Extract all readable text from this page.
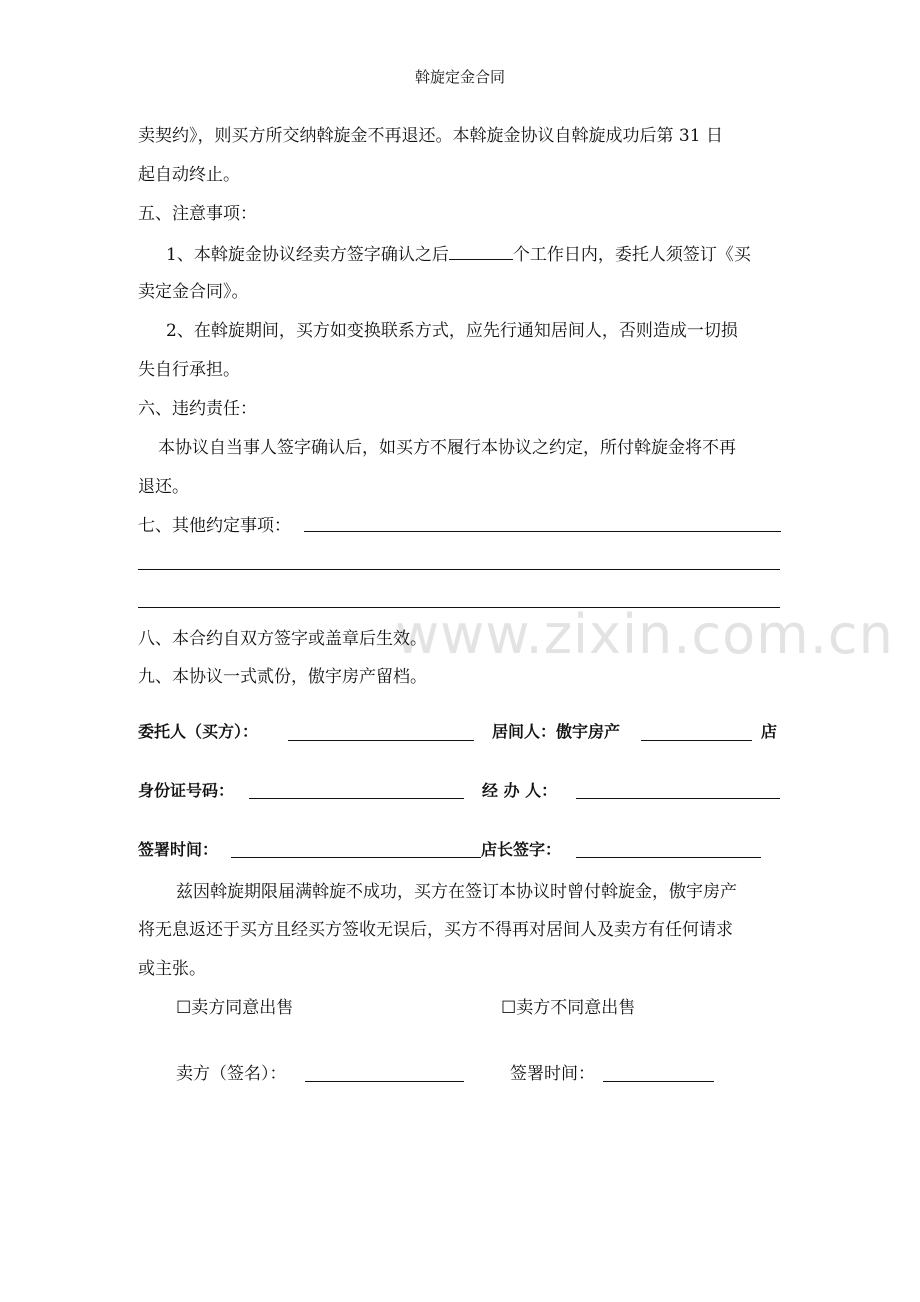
www.zixin.com.cn
斡旋定金合同
卖契约》，则买方所交纳斡旋金不再退还。本斡旋金协议自斡旋成功后第 31 日
起自动终止。
五、注意事项：
1、本斡旋金协议经卖方签字确认之后	个工作日内，委托人须签订《买
卖定金合同》。
2、在斡旋期间，买方如变换联系方式，应先行通知居间人，否则造成一切损
失自行承担。
六、违约责任：
本协议自当事人签字确认后，如买方不履行本协议之约定，所付斡旋金将不再
退还。
七、其他约定事项：
八、本合约自双方签字或盖章后生效。
九、本协议一式贰份，傲宇房产留档。
委托人（买方）：	居间人：傲宇房产	店
身份证号码：	经 办 人：
签署时间：	店长签字：
兹因斡旋期限届满斡旋不成功，买方在签订本协议时曾付斡旋金，傲宇房产
将无息返还于买方且经买方签收无误后，买方不得再对居间人及卖方有任何请求
或主张。
☐卖方同意出售	☐卖方不同意出售
卖方（签名）：	签署时间：
